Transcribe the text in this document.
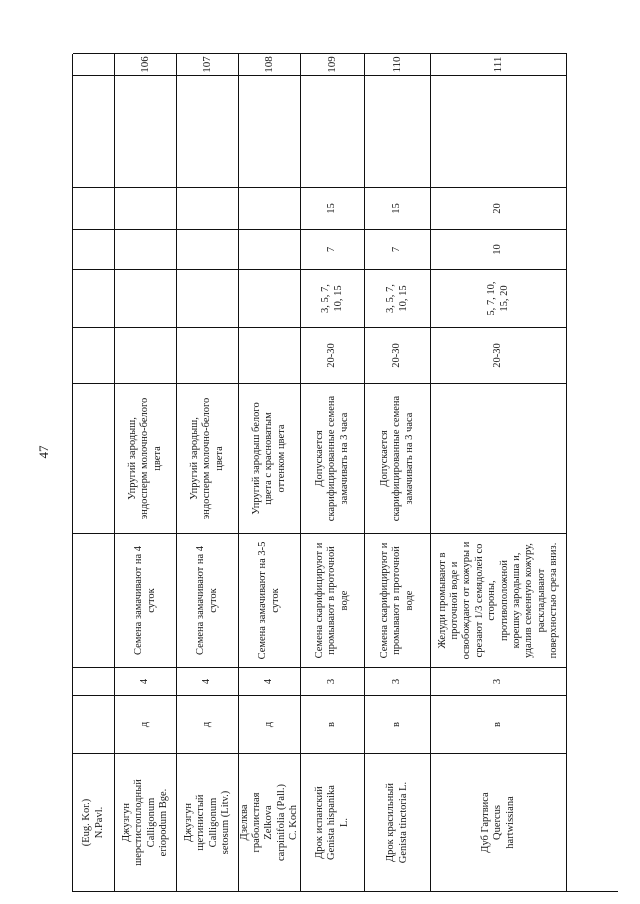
47
(Eug. Kor.)
N.Pavl.	Джузгун
шерстистоплодный
Calligonum
eriopodum Bge.
д
4
Семена замачивают на 4
суток
Упругий зародыш,
эндосперм молочно-белого
цвета
106
Джузгун
щетинистый
Calligonum
setosum (Litv.)
д
4
Семена замачивают на 4
суток
Упругий зародыш,
эндосперм молочно-белого
цвета
107
Дзелква
граболистная
Zelkova
carpinifolia (Pall.)
C. Koch
д
4
Семена замачивают на 3-5
суток
Упругий зародыш белого
цвета с красноватым
оттенком цвета
108
Дрок испанский
Genista hispanika
L.
в
3
Семена скарифицируют и
промывают в проточной
воде
Допускается
скарифицированные семена
замачивать на 3 часа
20-30
3, 5, 7,
10, 15
7
15
109
Дрок красильный
Genista tinctoria L.
в
3
Семена скарифицируют и
промывают в проточной
воде
Допускается
скарифицированные семена
замачивать на 3 часа
20-30
3, 5, 7,
10, 15
7
15
110
Дуб Гартвиса
Quercus
hartwissiana
в
3
Желуди промывают в
проточной воде и
освобождают от кожуры и
срезают 1/3 семядолей со
стороны,
противоположной
корешку зародыша и,
удалив семенную кожуру,
раскладывают
поверхностью среза вниз.
20-30
5, 7, 10,
15, 20
10
20
111
